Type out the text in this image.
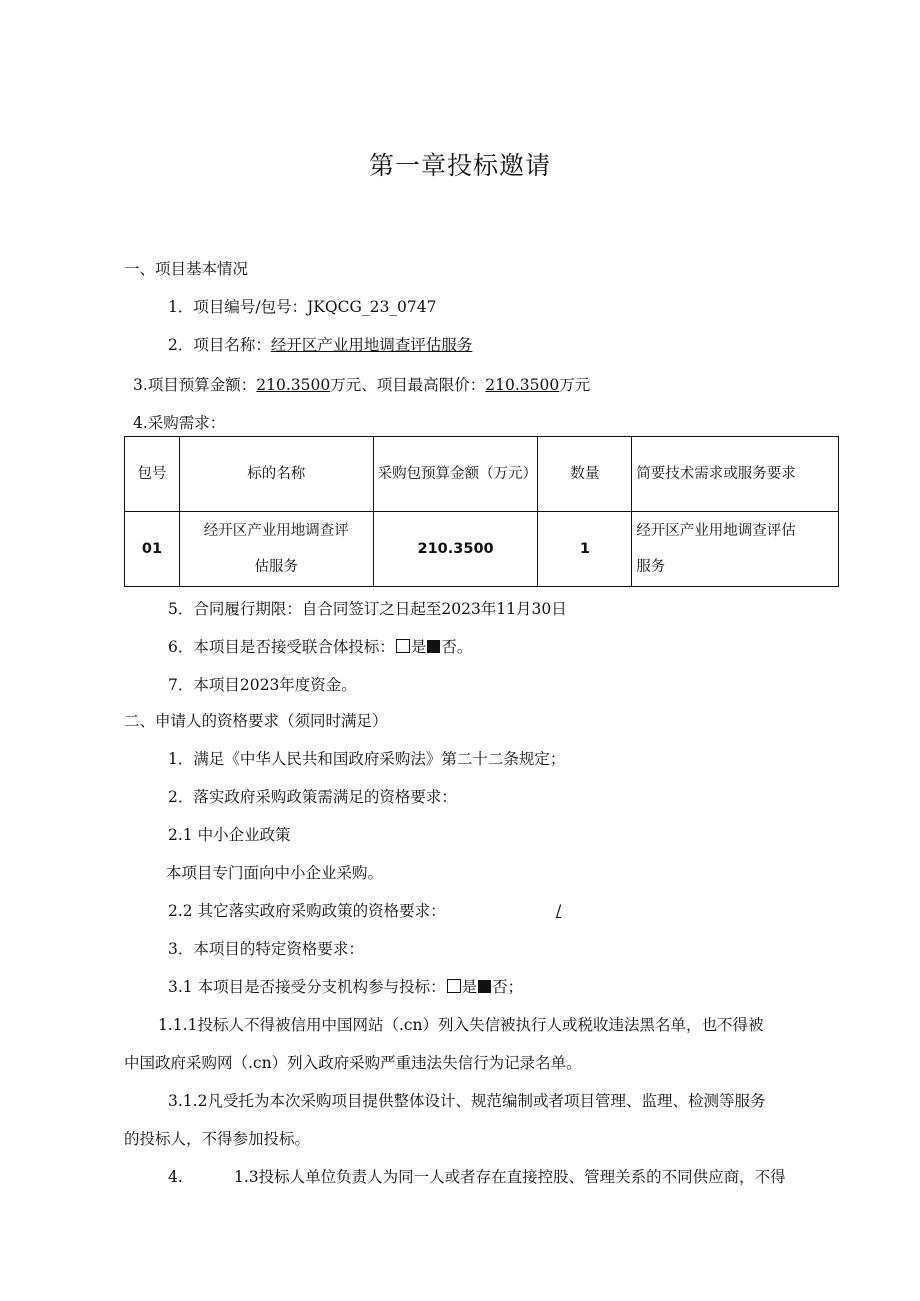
第一章投标邀请
一、项目基本情况
1．项目编号/包号：JKQCG_23_0747
2．项目名称：经开区产业用地调查评估服务
3.项目预算金额：210.3500万元、项目最高限价：210.3500万元
4.采购需求：
包号	标的名称	采购包预算金额（万元）	数量	简要技术需求或服务要求
01	经开区产业用地调查评估服务	210.3500	1	经开区产业用地调查评估服务
5．合同履行期限：自合同签订之日起至2023年11月30日
6．本项目是否接受联合体投标： 是 否。
7．本项目2023年度资金。
二、申请人的资格要求（须同时满足）
1．满足《中华人民共和国政府采购法》第二十二条规定；
2．落实政府采购政策需满足的资格要求：
2.1 中小企业政策
本项目专门面向中小企业采购。
2.2 其它落实政府采购政策的资格要求：	/
3．本项目的特定资格要求：
3.1 本项目是否接受分支机构参与投标： 是 否；
1.1.1投标人不得被信用中国网站（.cn）列入失信被执行人或税收违法黑名单，也不得被
中国政府采购网（.cn）列入政府采购严重违法失信行为记录名单。
3.1.2凡受托为本次采购项目提供整体设计、规范编制或者项目管理、监理、检测等服务
的投标人，不得参加投标。
4.	1.3投标人单位负责人为同一人或者存在直接控股、管理关系的不同供应商，不得
